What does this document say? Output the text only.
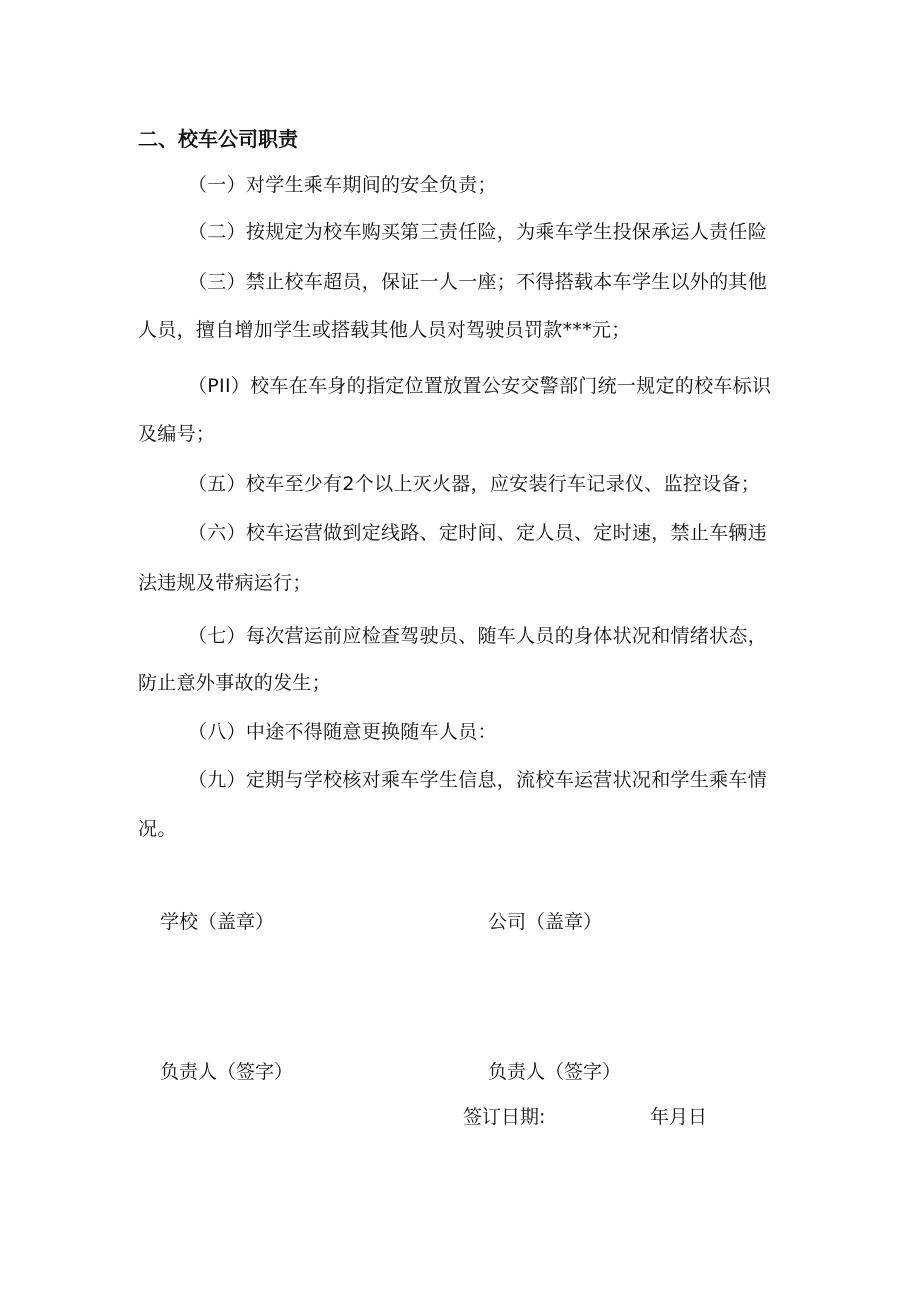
二、校车公司职责
（一）对学生乘车期间的安全负责；
（二）按规定为校车购买第三责任险，为乘车学生投保承运人责任险
（三）禁止校车超员，保证一人一座；不得搭载本车学生以外的其他
人员，擅自增加学生或搭载其他人员对驾驶员罚款***元；
（PII）校车在车身的指定位置放置公安交警部门统一规定的校车标识
及编号；
（五）校车至少有2个以上灭火器，应安装行车记录仪、监控设备；
（六）校车运营做到定线路、定时间、定人员、定时速，禁止车辆违
法违规及带病运行；
（七）每次营运前应检查驾驶员、随车人员的身体状况和情绪状态，
防止意外事故的发生；
（八）中途不得随意更换随车人员：
（九）定期与学校核对乘车学生信息，流校车运营状况和学生乘车情
况。
学校（盖章）	公司（盖章）
负责人（签字）	负责人（签字）
签订日期:	年月日
